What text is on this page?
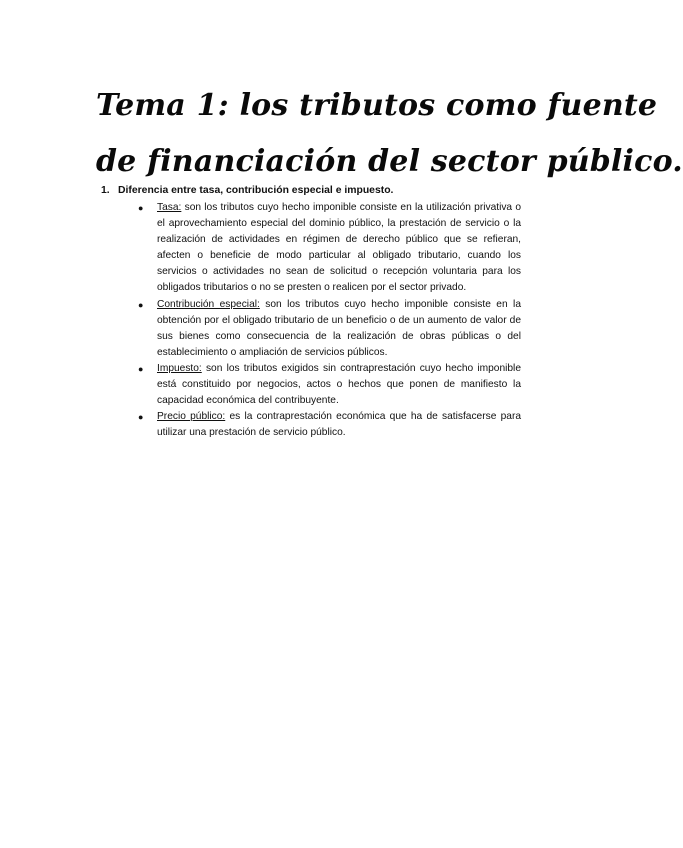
Tema 1: los tributos como fuente
de financiación del sector público.

1. Diferencia entre tasa, contribución especial e impuesto.

● Tasa: son los tributos cuyo hecho imponible consiste en la utilización privativa o el aprovechamiento especial del dominio público, la prestación de servicio o la realización de actividades en régimen de derecho público que se refieran, afecten o beneficie de modo particular al obligado tributario, cuando los servicios o actividades no sean de solicitud o recepción voluntaria para los obligados tributarios o no se presten o realicen por el sector privado.
● Contribución especial: son los tributos cuyo hecho imponible consiste en la obtención por el obligado tributario de un beneficio o de un aumento de valor de sus bienes como consecuencia de la realización de obras públicas o del establecimiento o ampliación de servicios públicos.
● Impuesto: son los tributos exigidos sin contraprestación cuyo hecho imponible está constituido por negocios, actos o hechos que ponen de manifiesto la capacidad económica del contribuyente.
● Precio público: es la contraprestación económica que ha de satisfacerse para utilizar una prestación de servicio público.
